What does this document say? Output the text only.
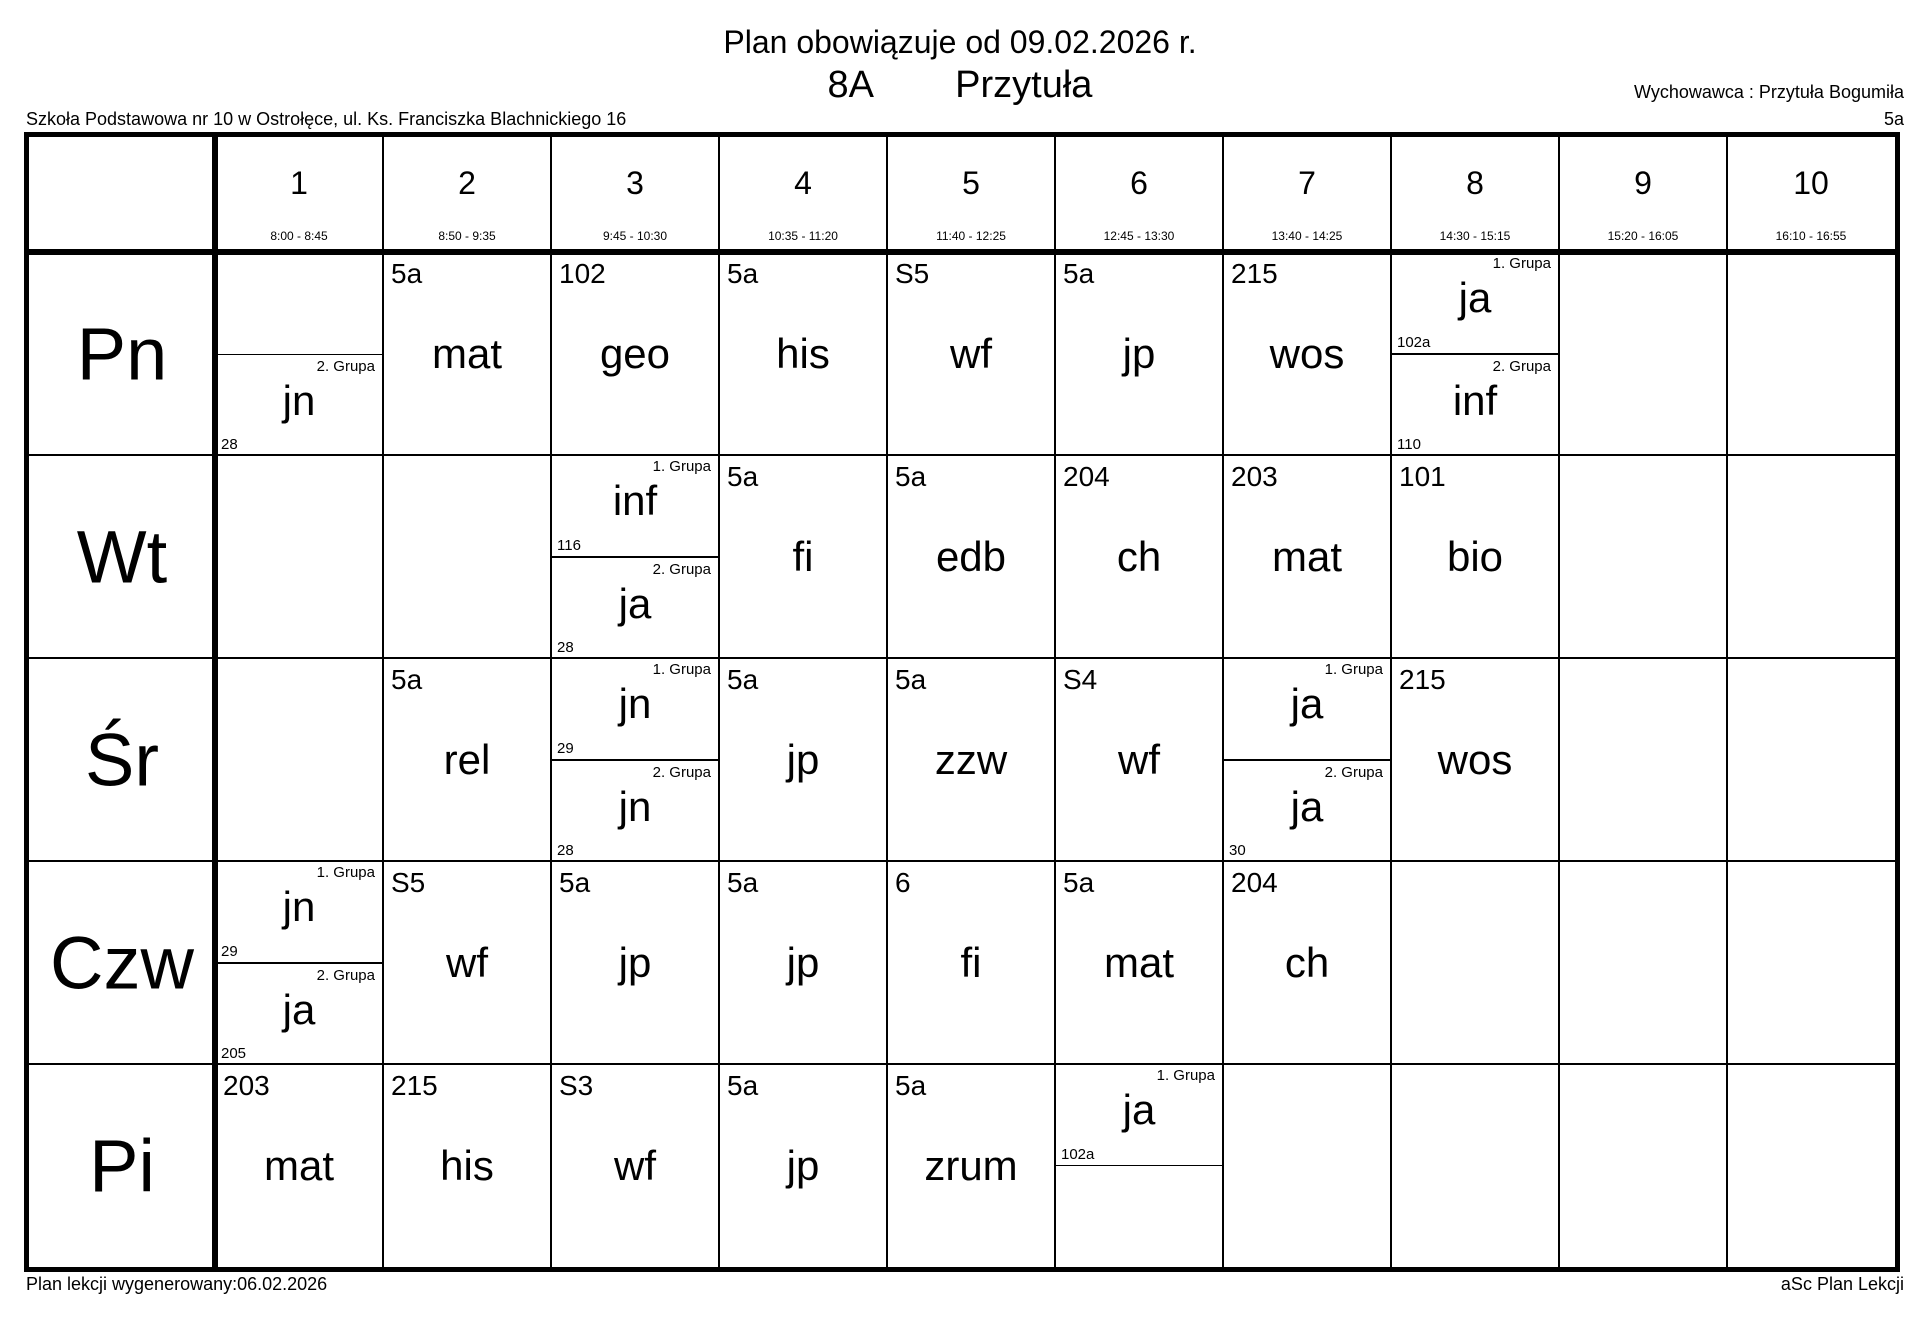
Plan obowiązuje od 09.02.2026 r.
8A Przytuła
Szkoła Podstawowa nr 10 w Ostrołęce, ul. Ks. Franciszka Blachnickiego 16
Wychowawca : Przytuła Bogumiła
5a
1
8:00 - 8:45
2
8:50 - 9:35
3
9:45 - 10:30
4
10:35 - 11:20
5
11:40 - 12:25
6
12:45 - 13:30
7
13:40 - 14:25
8
14:30 - 15:15
9
15:20 - 16:05
10
16:10 - 16:55
Pn	2. Grupa
jn
28
5a
mat
102
geo
5a
his
S5
wf
5a
jp
215
wos
1. Grupa
ja
102a
2. Grupa
inf
110
Wt
1. Grupa
inf
116
2. Grupa
ja
28
5a
fi
5a
edb
204
ch
203
mat
101
bio
Śr
5a
rel
1. Grupa
jn
29
2. Grupa
jn
28
5a
jp
5a
zzw
S4
wf
1. Grupa
ja
2. Grupa
ja
30
215
wos
Czw
1. Grupa
jn
29
2. Grupa
ja
205
S5
wf
5a
jp
5a
jp
6
fi
5a
mat
204
ch
Pi
203
mat
215
his
S3
wf
5a
jp
5a
zrum
1. Grupa
ja
102a
Plan lekcji wygenerowany:06.02.2026	aSc Plan Lekcji
